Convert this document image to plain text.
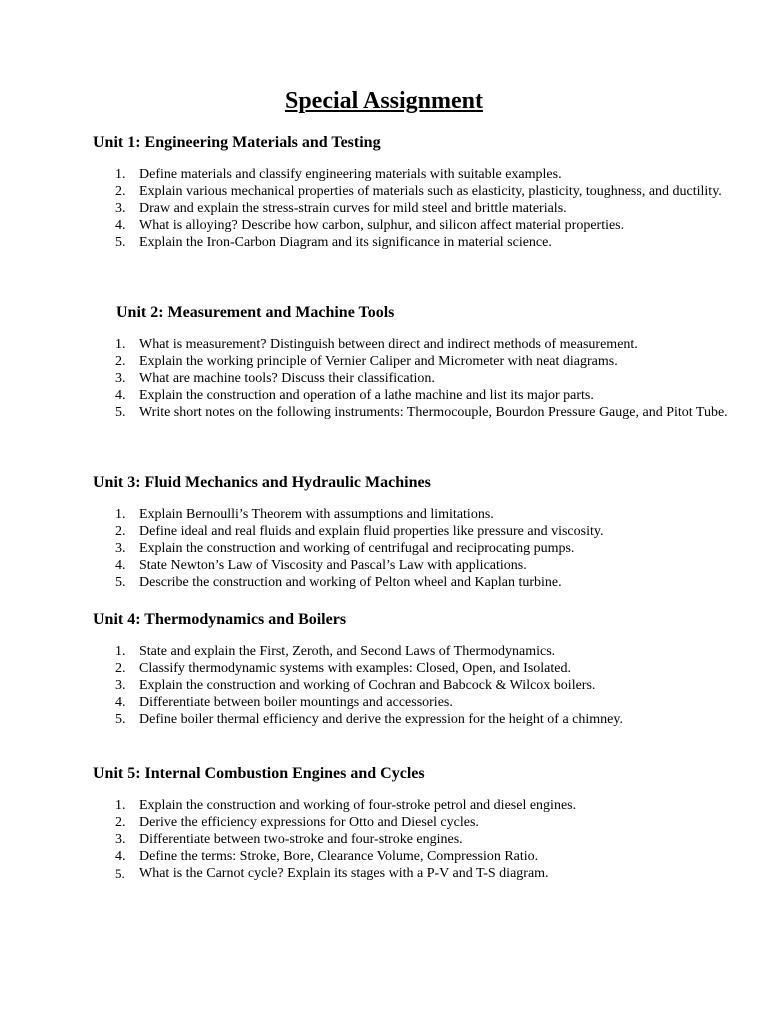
Special Assignment
Unit 1: Engineering Materials and Testing
1. Define materials and classify engineering materials with suitable examples.
2. Explain various mechanical properties of materials such as elasticity, plasticity, toughness, and ductility.
3. Draw and explain the stress-strain curves for mild steel and brittle materials.
4. What is alloying? Describe how carbon, sulphur, and silicon affect material properties.
5. Explain the Iron-Carbon Diagram and its significance in material science.
Unit 2: Measurement and Machine Tools
1. What is measurement? Distinguish between direct and indirect methods of measurement.
2. Explain the working principle of Vernier Caliper and Micrometer with neat diagrams.
3. What are machine tools? Discuss their classification.
4. Explain the construction and operation of a lathe machine and list its major parts.
5. Write short notes on the following instruments: Thermocouple, Bourdon Pressure Gauge, and Pitot Tube.
Unit 3: Fluid Mechanics and Hydraulic Machines
1. Explain Bernoulli’s Theorem with assumptions and limitations.
2. Define ideal and real fluids and explain fluid properties like pressure and viscosity.
3. Explain the construction and working of centrifugal and reciprocating pumps.
4. State Newton’s Law of Viscosity and Pascal’s Law with applications.
5. Describe the construction and working of Pelton wheel and Kaplan turbine.
Unit 4: Thermodynamics and Boilers
1. State and explain the First, Zeroth, and Second Laws of Thermodynamics.
2. Classify thermodynamic systems with examples: Closed, Open, and Isolated.
3. Explain the construction and working of Cochran and Babcock & Wilcox boilers.
4. Differentiate between boiler mountings and accessories.
5. Define boiler thermal efficiency and derive the expression for the height of a chimney.
Unit 5: Internal Combustion Engines and Cycles
1. Explain the construction and working of four-stroke petrol and diesel engines.
2. Derive the efficiency expressions for Otto and Diesel cycles.
3. Differentiate between two-stroke and four-stroke engines.
4. Define the terms: Stroke, Bore, Clearance Volume, Compression Ratio.
5.	What is the Carnot cycle? Explain its stages with a P-V and T-S diagram.
